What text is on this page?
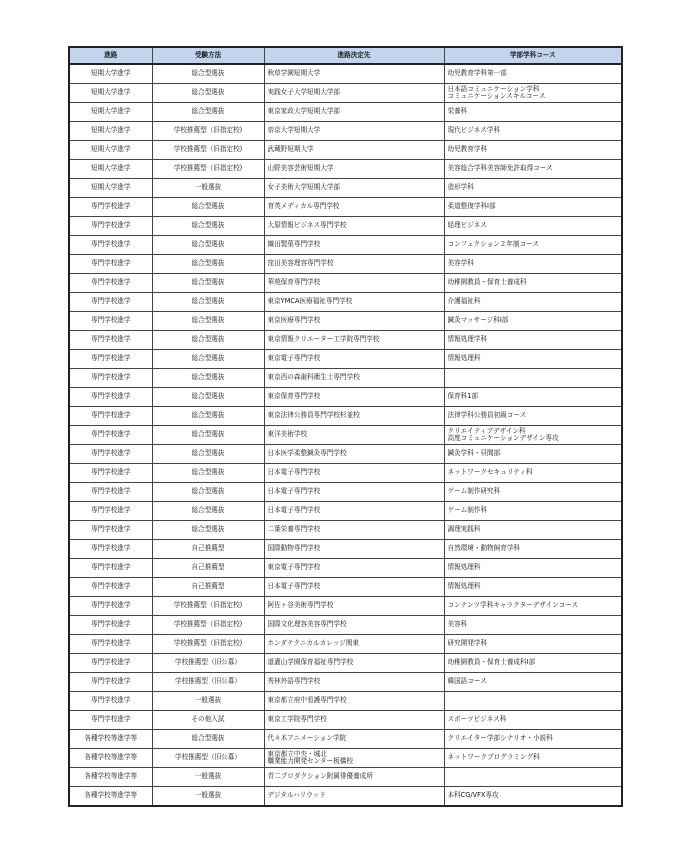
進路	受験方法	進路決定先	学部学科コース
短期大学進学	総合型選抜	秋草学園短期大学	幼児教育学科第一部

短期大学進学	総合型選抜	実践女子大学短期大学部	日本語コミュニケーション学科
コミュニケーションスキルコース

短期大学進学	総合型選抜	東京家政大学短期大学部	栄養科

短期大学進学	学校推薦型（旧指定校)	帝京大学短期大学	現代ビジネス学科

短期大学進学	学校推薦型（旧指定校)	武蔵野短期大学	幼児教育学科

短期大学進学	学校推薦型（旧指定校)	山野美容芸術短期大学	美容総合学科美容師免許取得コース

短期大学進学	一般選抜	女子美術大学短期大学部	造形学科

専門学校進学	総合型選抜	育英メディカル専門学校	柔道整復学科Ⅰ部

専門学校進学	総合型選抜	大原情報ビジネス専門学校	経理ビジネス

専門学校進学	総合型選抜	織田製菓専門学校	コンフェクション２年制コース

専門学校進学	総合型選抜	窪田美容理容専門学校	美容学科

専門学校進学	総合型選抜	華苑保育専門学校	幼稚園教員・保育士養成科

専門学校進学	総合型選抜	東京YMCA医療福祉専門学校	介護福祉科

専門学校進学	総合型選抜	東京医療専門学校	鍼灸マッサージ科Ⅰ部

専門学校進学	総合型選抜	東京情報クリエーター工学院専門学校	情報処理学科

専門学校進学	総合型選抜	東京電子専門学校	情報処理科

専門学校進学	総合型選抜	東京西の森歯科衛生士専門学校	

専門学校進学	総合型選抜	東京保育専門学校	保育科1部

専門学校進学	総合型選抜	東京法律公務員専門学校杉並校	法律学科公務員初級コース

専門学校進学	総合型選抜	東洋美術学校	クリエイティブデザイン科
高度コミュニケーションデザイン専攻

専門学校進学	総合型選抜	日本医学柔整鍼灸専門学校	鍼灸学科・昼間部

専門学校進学	総合型選抜	日本電子専門学校	ネットワークセキュリティ科

専門学校進学	総合型選抜	日本電子専門学校	ゲーム制作研究科

専門学校進学	総合型選抜	日本電子専門学校	ゲーム制作科

専門学校進学	総合型選抜	二葉栄養専門学校	調理実践科

専門学校進学	自己推薦型	国際動物専門学校	自然環境・動物飼育学科

専門学校進学	自己推薦型	東京電子専門学校	情報処理科

専門学校進学	自己推薦型	日本電子専門学校	情報処理科

専門学校進学	学校推薦型（旧指定校)	阿佐ヶ谷美術専門学校	コンテンツ学科キャラクターデザインコース

専門学校進学	学校推薦型（旧指定校)	国際文化理容美容専門学校	美容科

専門学校進学	学校推薦型（旧指定校)	ホンダテクニカルカレッジ関東	研究開発学科

専門学校進学	学校推薦型（旧公募）	道灌山学園保育福祉専門学校	幼稚園教員・保育士養成科Ⅰ部

専門学校進学	学校推薦型（旧公募）	秀林外語専門学校	韓国語コース

専門学校進学	一般選抜	東京都立府中看護専門学校	

専門学校進学	その他入試	東京工学院専門学校	スポーツビジネス科

各種学校等進学等	総合型選抜	代々木アニメーション学院	クリエイター学部シナリオ・小説科

各種学校等進学等	学校推薦型（旧公募）	東京都立中央・城北
職業能力開発センター板橋校	ネットワークプログラミング科

各種学校等進学等	一般選抜	青二プロダクション附属俳優養成所	

各種学校等進学等	一般選抜	デジタルハリウッド	本科CG/VFX専攻
